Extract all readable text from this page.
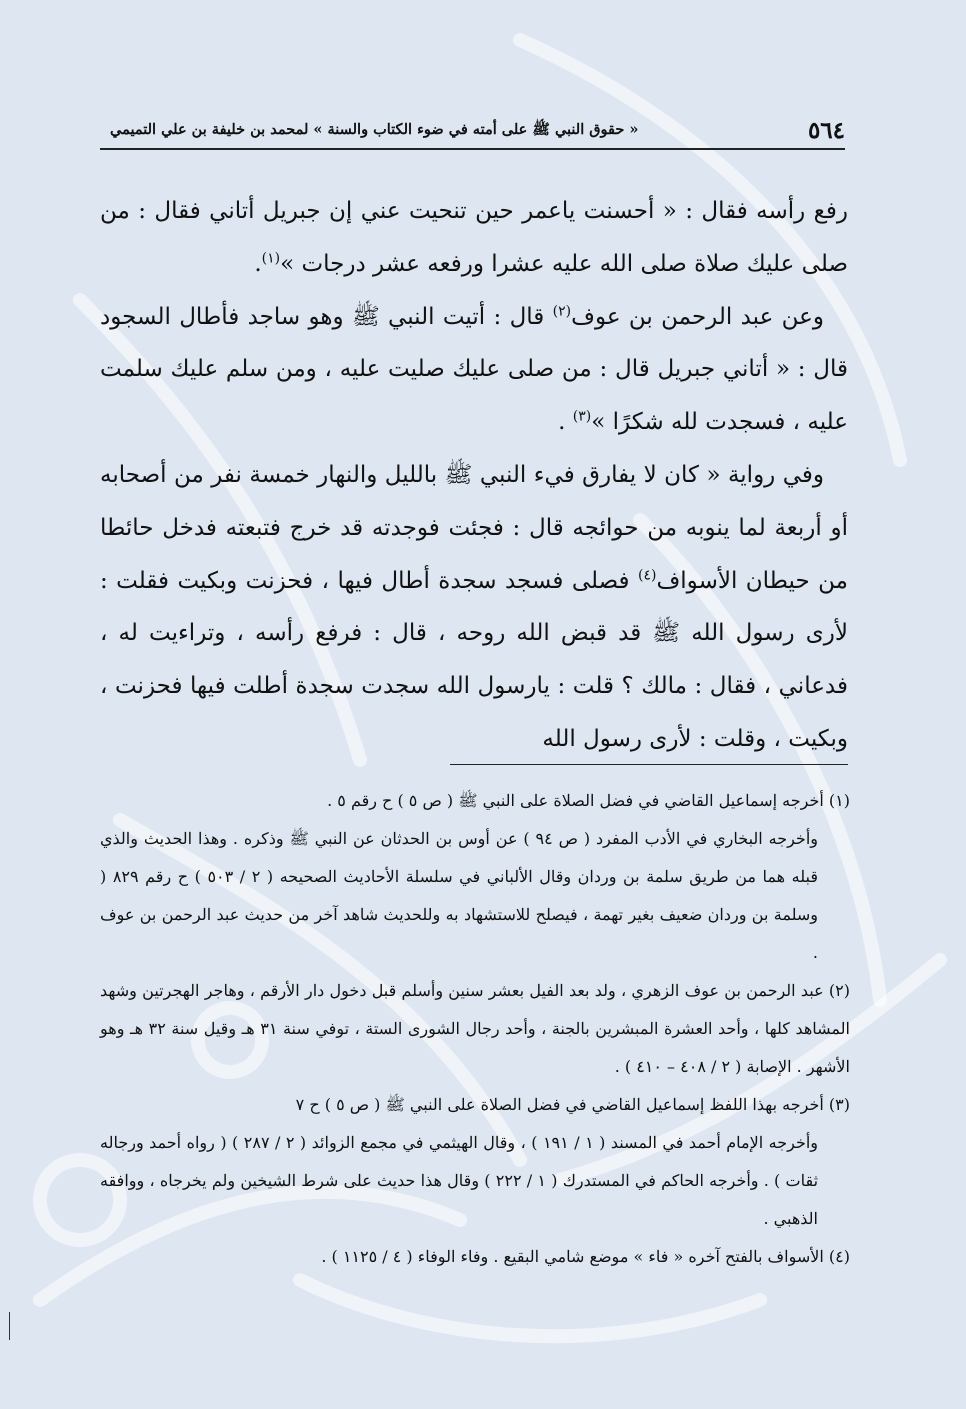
٥٦٤
« حقوق النبي ﷺ على أمته في ضوء الكتاب والسنة » لمحمد بن خليفة بن علي التميمي

رفع رأسه فقال : « أحسنت ياعمر حين تنحيت عني إن جبريل أتاني فقال : من صلى عليك صلاة صلى الله عليه عشرا ورفعه عشر درجات »$^{(١)}$.

وعن عبد الرحمن بن عوف$^{(٢)}$ قال : أتيت النبي ﷺ وهو ساجد فأطال السجود قال : « أتاني جبريل قال : من صلى عليك صليت عليه ، ومن سلم عليك سلمت عليه ، فسجدت لله شكرًا »$^{(٣)}$ .

وفي رواية « كان لا يفارق فيء النبي ﷺ بالليل والنهار خمسة نفر من أصحابه أو أربعة لما ينوبه من حوائجه قال : فجئت فوجدته قد خرج فتبعته فدخل حائطا من حيطان الأسواف$^{(٤)}$ فصلى فسجد سجدة أطال فيها ، فحزنت وبكيت فقلت : لأرى رسول الله ﷺ قد قبض الله روحه ، قال : فرفع رأسه ، وتراءيت له ، فدعاني ، فقال : مالك ؟ قلت : يارسول الله سجدت سجدة أطلت فيها فحزنت ، وبكيت ، وقلت : لأرى رسول الله

(١) أخرجه إسماعيل القاضي في فضل الصلاة على النبي ﷺ ( ص ٥ ) ح رقم ٥ .

وأخرجه البخاري في الأدب المفرد ( ص ٩٤ ) عن أوس بن الحدثان عن النبي ﷺ وذكره . وهذا الحديث والذي قبله هما من طريق سلمة بن وردان وقال الألباني في سلسلة الأحاديث الصحيحه ( ٢ / ٥٠٣ ) ح رقم ٨٢٩ ( وسلمة بن وردان ضعيف بغير تهمة ، فيصلح للاستشهاد به وللحديث شاهد آخر من حديث عبد الرحمن بن عوف .

(٢) عبد الرحمن بن عوف الزهري ، ولد بعد الفيل بعشر سنين وأسلم قبل دخول دار الأرقم ، وهاجر الهجرتين وشهد المشاهد كلها ، وأحد العشرة المبشرين بالجنة ، وأحد رجال الشورى الستة ، توفي سنة ٣١ هـ وقيل سنة ٣٢ هـ وهو الأشهر . الإصابة ( ٢ / ٤٠٨ – ٤١٠ ) .

(٣) أخرجه بهذا اللفظ إسماعيل القاضي في فضل الصلاة على النبي ﷺ ( ص ٥ ) ح ٧

وأخرجه الإمام أحمد في المسند ( ١ / ١٩١ ) ، وقال الهيثمي في مجمع الزوائد ( ٢ / ٢٨٧ ) ( رواه أحمد ورجاله ثقات ) . وأخرجه الحاكم في المستدرك ( ١ / ٢٢٢ ) وقال هذا حديث على شرط الشيخين ولم يخرجاه ، ووافقه الذهبي .

(٤) الأسواف بالفتح آخره « فاء » موضع شامي البقيع . وفاء الوفاء ( ٤ / ١١٢٥ ) .
